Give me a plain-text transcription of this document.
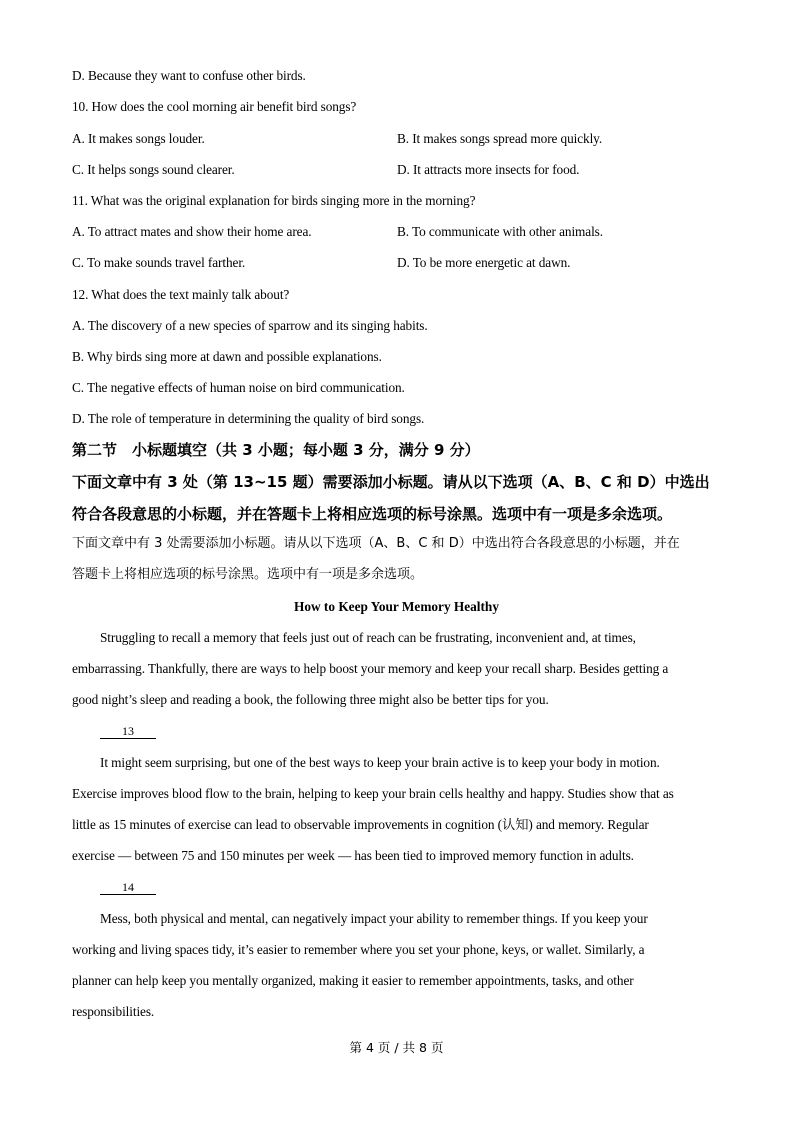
D. Because they want to confuse other birds.
10. How does the cool morning air benefit bird songs?
A. It makes songs louder.	B. It makes songs spread more quickly.
C. It helps songs sound clearer.	D. It attracts more insects for food.
11. What was the original explanation for birds singing more in the morning?
A. To attract mates and show their home area.	B. To communicate with other animals.
C. To make sounds travel farther.	D. To be more energetic at dawn.
12. What does the text mainly talk about?
A. The discovery of a new species of sparrow and its singing habits.
B. Why birds sing more at dawn and possible explanations.
C. The negative effects of human noise on bird communication.
D. The role of temperature in determining the quality of bird songs.
第二节　小标题填空（共 3 小题；每小题 3 分，满分 9 分）
下面文章中有 3 处（第 13~15 题）需要添加小标题。请从以下选项（A、B、C 和 D）中选出
符合各段意思的小标题，并在答题卡上将相应选项的标号涂黑。选项中有一项是多余选项。
下面文章中有 3 处需要添加小标题。请从以下选项（A、B、C 和 D）中选出符合各段意思的小标题，并在
答题卡上将相应选项的标号涂黑。选项中有一项是多余选项。
How to Keep Your Memory Healthy
Struggling to recall a memory that feels just out of reach can be frustrating, inconvenient and, at times,
embarrassing. Thankfully, there are ways to help boost your memory and keep your recall sharp. Besides getting a
good night’s sleep and reading a book, the following three might also be better tips for you.
13
It might seem surprising, but one of the best ways to keep your brain active is to keep your body in motion.
Exercise improves blood flow to the brain, helping to keep your brain cells healthy and happy. Studies show that as
little as 15 minutes of exercise can lead to observable improvements in cognition (认知) and memory. Regular
exercise — between 75 and 150 minutes per week — has been tied to improved memory function in adults.
14
Mess, both physical and mental, can negatively impact your ability to remember things. If you keep your
working and living spaces tidy, it’s easier to remember where you set your phone, keys, or wallet. Similarly, a
planner can help keep you mentally organized, making it easier to remember appointments, tasks, and other
responsibilities.
第 4 页 / 共 8 页
